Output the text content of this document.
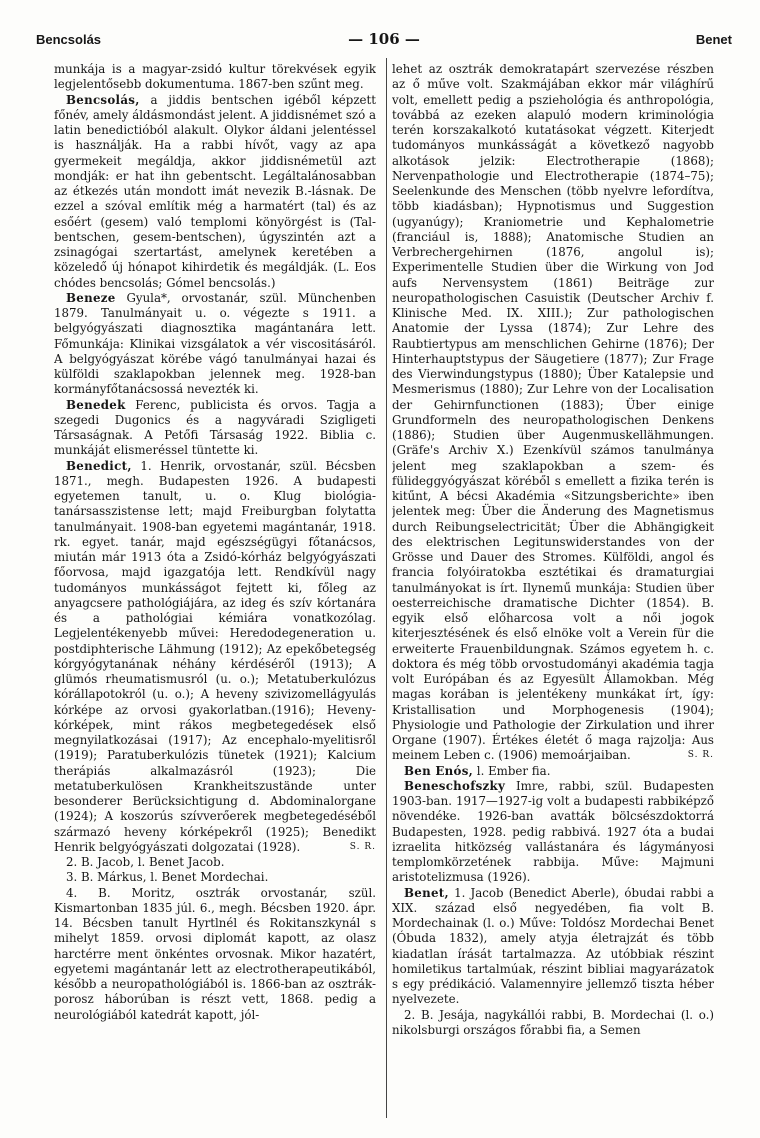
Bencsolás	— 106 —	Benet

munkája is a magyar-zsidó kultur törekvések egyik legjelentősebb dokumentuma. 1867-ben szűnt meg.

Bencsolás, a jiddis bentschen igéből képzett főnév, amely áldásmondást jelent. A jiddisnémet szó a latin benedictióból alakult. Olykor áldani jelentéssel is használják. Ha a rabbi hívőt, vagy az apa gyermekeit megáldja, akkor jiddisnémetül azt mondják: er hat ihn gebentscht. Legáltalánosabban az étkezés után mondott imát nevezik B.-lásnak. De ezzel a szóval említik még a harmatért (tal) és az esőért (gesem) való templomi könyörgést is (Tal-bentschen, gesem-bentschen), úgyszintén azt a zsinagógai szertartást, amelynek keretében a közeledő új hónapot kihirdetik és megáldják. (L. Eos chódes bencsolás; Gómel bencsolás.)

Beneze Gyula*, orvostanár, szül. Münchenben 1879. Tanulmányait u. o. végezte s 1911. a belgyógyászati diagnosztika magántanára lett. Főmunkája: Klinikai vizsgálatok a vér viscositásáról. A belgyógyászat körébe vágó tanulmányai hazai és külföldi szaklapokban jelennek meg. 1928-ban kormányfőtanácsossá nevezték ki.

Benedek Ferenc, publicista és orvos. Tagja a szegedi Dugonics és a nagyváradi Szigligeti Társaságnak. A Petőfi Társaság 1922. Biblia c. munkáját elismeréssel tüntette ki.

Benedict, 1. Henrik, orvostanár, szül. Bécsben 1871., megh. Budapesten 1926. A budapesti egyetemen tanult, u. o. Klug biológia-tanársasszistense lett; majd Freiburgban folytatta tanulmányait. 1908-ban egyetemi magántanár, 1918. rk. egyet. tanár, majd egészségügyi főtanácsos, miután már 1913 óta a Zsidó-kórház belgyógyászati főorvosa, majd igazgatója lett. Rendkívül nagy tudományos munkásságot fejtett ki, főleg az anyagcsere pathológiájára, az ideg és szív kórtanára és a pathológiai kémiára vonatkozólag. Legjelentékenyebb művei: Heredodegeneration u. postdiphterische Lähmung (1912); Az epekőbetegség kórgyógytanának néhány kérdéséről (1913); A glümós rheumatismusról (u. o.); Metatuberkulózus kórállapotokról (u. o.); A heveny szivizomellágyulás kórképe az orvosi gyakorlatban.(1916); Heveny-kórképek, mint rákos megbetegedések első megnyilatkozásai (1917); Az encephalo-myelitisről (1919); Paratuberkulózis tünetek (1921); Kalcium therápiás alkalmazásról (1923); Die metatuberkulösen Krankheitszustände unter besonderer Berücksichtigung d. Abdominalorgane (1924); A koszorús szívverőerek megbetegedéséből származó heveny kórképekről (1925); Benedikt Henrik belgyógyászati dolgozatai (1928).	S. R.

2. B. Jacob, l. Benet Jacob.

3. B. Márkus, l. Benet Mordechai.

4. B. Moritz, osztrák orvostanár, szül. Kismartonban 1835 júl. 6., megh. Bécsben 1920. ápr. 14. Bécsben tanult Hyrtlnél és Rokitanszkynál s mihelyt 1859. orvosi diplomát kapott, az olasz harctérre ment önkéntes orvosnak. Mikor hazatért, egyetemi magántanár lett az electrotherapeutikából, később a neuropathológiából is. 1866-ban az osztrák-porosz háborúban is részt vett, 1868. pedig a neurológiából katedrát kapott, jól-

lehet az osztrák demokratapárt szervezése részben az ő műve volt. Szakmájában ekkor már világhírű volt, emellett pedig a psziehológia és anthropológia, továbbá az ezeken alapuló modern kriminológia terén korszakalkotó kutatásokat végzett. Kiterjedt tudományos munkásságát a következő nagyobb alkotások jelzik: Electrotherapie (1868); Nervenpathologie und Electrotherapie (1874–75); Seelenkunde des Menschen (több nyelvre lefordítva, több kiadásban); Hypnotismus und Suggestion (ugyanúgy); Kraniometrie und Kephalometrie (franciául is, 1888); Anatomische Studien an Verbrechergehirnen (1876, angolul is); Experimentelle Studien über die Wirkung von Jod aufs Nervensystem (1861) Beiträge zur neuropathologischen Casuistik (Deutscher Archiv f. Klinische Med. IX. XIII.); Zur pathologischen Anatomie der Lyssa (1874); Zur Lehre des Raubtiertypus am menschlichen Gehirne (1876); Der Hinterhauptstypus der Säugetiere (1877); Zur Frage des Vierwindungstypus (1880); Über Katalepsie und Mesmerismus (1880); Zur Lehre von der Localisation der Gehirnfunctionen (1883); Über einige Grundformeln des neuropathologischen Denkens (1886); Studien über Augenmuskellähmungen. (Gräfe's Archiv X.) Ezenkívül számos tanulmánya jelent meg szaklapokban a szem- és fülideggyógyászat köréből s emellett a fizika terén is kitűnt, A bécsi Akadémia «Sitzungsberichte» iben jelentek meg: Über die Änderung des Magnetismus durch Reibungselectricität; Über die Abhängigkeit des elektrischen Legitunswiderstandes von der Grösse und Dauer des Stromes. Külföldi, angol és francia folyóiratokba esztétikai és dramaturgiai tanulmányokat is írt. Ilynemű munkája: Studien über oesterreichische dramatische Dichter (1854). B. egyik első előharcosa volt a női jogok kiterjesztésének és első elnöke volt a Verein für die erweiterte Frauenbildungnak. Számos egyetem h. c. doktora és még több orvostudományi akadémia tagja volt Európában és az Egyesült Államokban. Még magas korában is jelentékeny munkákat írt, így: Kristallisation und Morphogenesis (1904); Physiologie und Pathologie der Zirkulation und ihrer Organe (1907). Értékes életét ő maga rajzolja: Aus meinem Leben c. (1906) memoárjaiban.	S. R.

Ben Enós, l. Ember fia.

Beneschofszky Imre, rabbi, szül. Budapesten 1903-ban. 1917—1927-ig volt a budapesti rabbiképző növendéke. 1926-ban avatták bölcsészdoktorrá Budapesten, 1928. pedig rabbivá. 1927 óta a budai izraelita hitközség vallástanára és lágymányosi templomkörzetének rabbija. Műve: Majmuni aristotelizmusa (1926).

Benet, 1. Jacob (Benedict Aberle), óbudai rabbi a XIX. század első negyedében, fia volt B. Mordechainak (l. o.) Műve: Toldósz Mordechai Benet (Óbuda 1832), amely atyja életrajzát és több kiadatlan írását tartalmazza. Az utóbbiak részint homiletikus tartalmúak, részint bibliai magyarázatok s egy prédikáció. Valamennyire jellemző tiszta héber nyelvezete.

2. B. Jesája, nagykállói rabbi, B. Mordechai (l. o.) nikolsburgi országos főrabbi fia, a Semen
